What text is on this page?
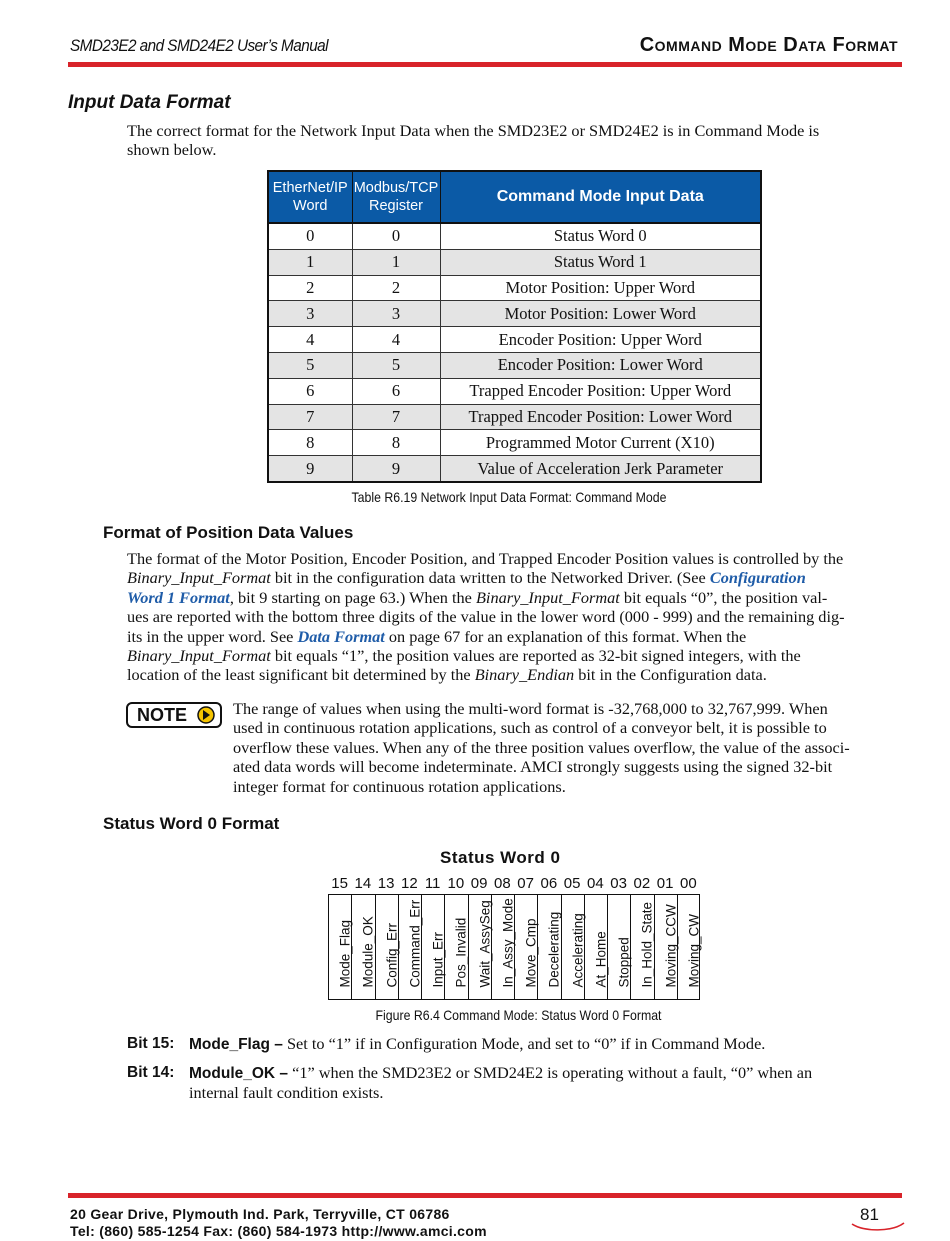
SMD23E2 and SMD24E2 User’s Manual	Command Mode Data Format
Input Data Format

The correct format for the Network Input Data when the SMD23E2 or SMD24E2 is in Command Mode is
shown below.

EtherNet/IP Word	Modbus/TCP Register	Command Mode Input Data
0	0	Status Word 0
1	1	Status Word 1
2	2	Motor Position: Upper Word
3	3	Motor Position: Lower Word
4	4	Encoder Position: Upper Word
5	5	Encoder Position: Lower Word
6	6	Trapped Encoder Position: Upper Word
7	7	Trapped Encoder Position: Lower Word
8	8	Programmed Motor Current (X10)
9	9	Value of Acceleration Jerk Parameter
Table R6.19 Network Input Data Format: Command Mode
Format of Position Data Values

The format of the Motor Position, Encoder Position, and Trapped Encoder Position values is controlled by the
Binary_Input_Format bit in the configuration data written to the Networked Driver. (See Configuration
Word 1 Format, bit 9 starting on page 63.) When the Binary_Input_Format bit equals “0”, the position val-
ues are reported with the bottom three digits of the value in the lower word (000 - 999) and the remaining dig-
its in the upper word. See Data Format on page 67 for an explanation of this format. When the
Binary_Input_Format bit equals “1”, the position values are reported as 32-bit signed integers, with the
location of the least significant bit determined by the Binary_Endian bit in the Configuration data.

NOTE	The range of values when using the multi-word format is -32,768,000 to 32,767,999. When
used in continuous rotation applications, such as control of a conveyor belt, it is possible to
overflow these values. When any of the three position values overflow, the value of the associ-
ated data words will become indeterminate. AMCI strongly suggests using the signed 32-bit
integer format for continuous rotation applications.

Status Word 0 Format
Status Word 0
15 14 13 12 11 10 09 08 07 06 05 04 03 02 01 00
Mode_Flag Module_OK Config_Err Command_Err Input_Err Pos_Invalid Wait_AssySeg In_Assy_Mode Move_Cmp Decelerating Accelerating At_Home Stopped In_Hold_State Moving_CCW Moving_CW
Figure R6.4 Command Mode: Status Word 0 Format
Bit 15: Mode_Flag – Set to “1” if in Configuration Mode, and set to “0” if in Command Mode.
Bit 14: Module_OK – “1” when the SMD23E2 or SMD24E2 is operating without a fault, “0” when an
internal fault condition exists.
20 Gear Drive, Plymouth Ind. Park, Terryville, CT 06786
Tel: (860) 585-1254 Fax: (860) 584-1973 http://www.amci.com
81
